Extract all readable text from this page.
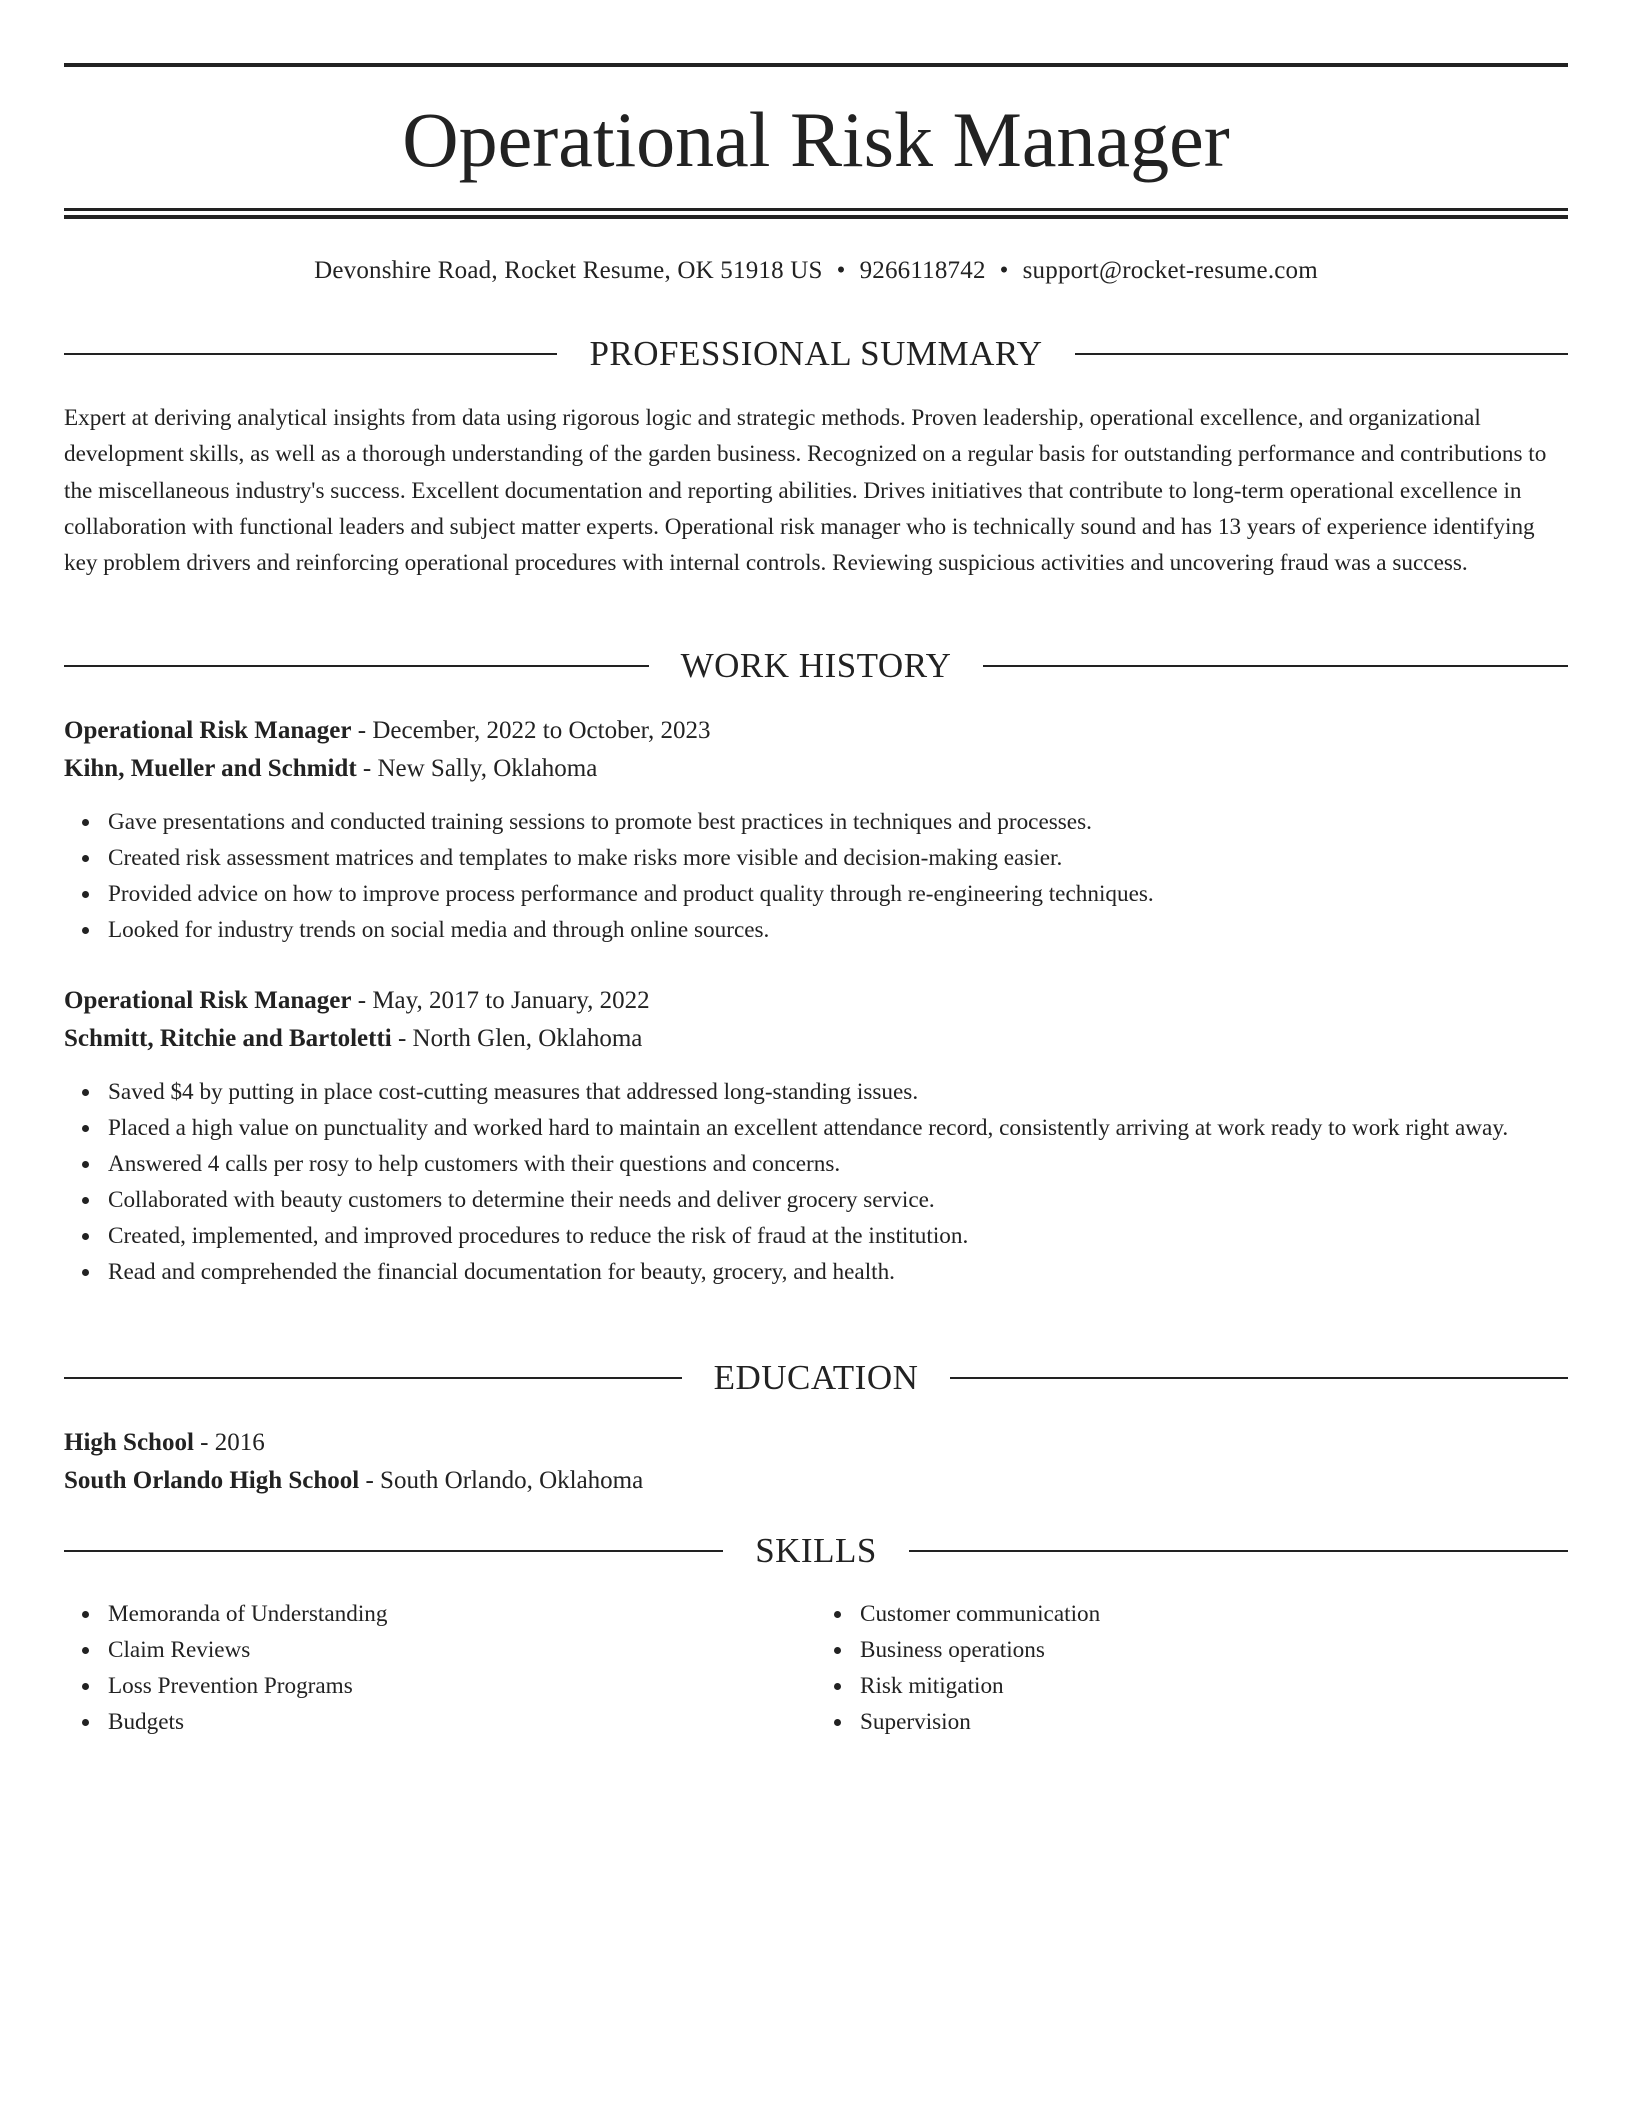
Operational Risk Manager
Devonshire Road, Rocket Resume, OK 51918 US • 9266118742 • support@rocket-resume.com
PROFESSIONAL SUMMARY

Expert at deriving analytical insights from data using rigorous logic and strategic methods. Proven leadership, operational excellence, and organizational development skills, as well as a thorough understanding of the garden business. Recognized on a regular basis for outstanding performance and contributions to the miscellaneous industry's success. Excellent documentation and reporting abilities. Drives initiatives that contribute to long-term operational excellence in collaboration with functional leaders and subject matter experts. Operational risk manager who is technically sound and has 13 years of experience identifying key problem drivers and reinforcing operational procedures with internal controls. Reviewing suspicious activities and uncovering fraud was a success.

WORK HISTORY
Operational Risk Manager - December, 2022 to October, 2023
Kihn, Mueller and Schmidt - New Sally, Oklahoma
Gave presentations and conducted training sessions to promote best practices in techniques and processes.
Created risk assessment matrices and templates to make risks more visible and decision-making easier.
Provided advice on how to improve process performance and product quality through re-engineering techniques.
Looked for industry trends on social media and through online sources.
Operational Risk Manager - May, 2017 to January, 2022
Schmitt, Ritchie and Bartoletti - North Glen, Oklahoma
Saved $4 by putting in place cost-cutting measures that addressed long-standing issues.
Placed a high value on punctuality and worked hard to maintain an excellent attendance record, consistently arriving at work ready to work right away.
Answered 4 calls per rosy to help customers with their questions and concerns.
Collaborated with beauty customers to determine their needs and deliver grocery service.
Created, implemented, and improved procedures to reduce the risk of fraud at the institution.
Read and comprehended the financial documentation for beauty, grocery, and health.
EDUCATION
High School - 2016
South Orlando High School - South Orlando, Oklahoma
SKILLS
Memoranda of Understanding
Claim Reviews
Loss Prevention Programs
Budgets
Customer communication
Business operations
Risk mitigation
Supervision
